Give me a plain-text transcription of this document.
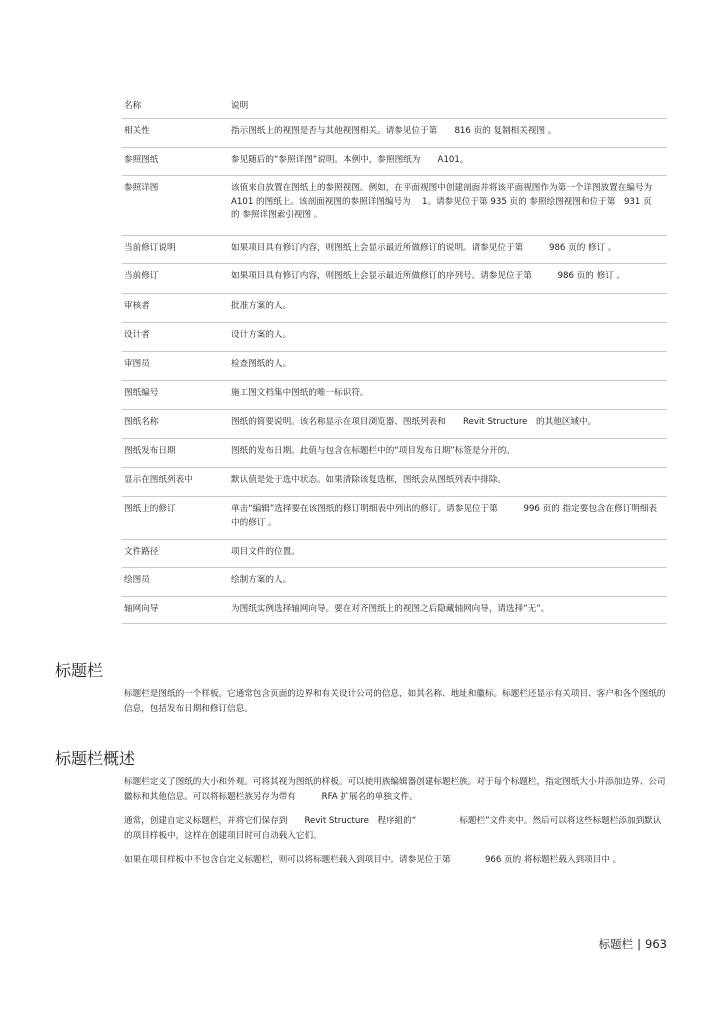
名称	说明
相关性	指示图纸上的视图是否与其他视图相关。请参见位于第　　816 页的 复制相关视图 。
参照图纸	参见随后的“参照详图”说明。本例中，参照图纸为　　A101。
参照详图	该值来自放置在图纸上的参照视图。例如，在平面视图中创建剖面并将该平面视图作为第一个详图放置在编号为　A101 的图纸上。该剖面视图的参照详图编号为　 1。请参见位于第 935 页的 参照绘图视图和位于第　931 页的 参照详图索引视图 。
当前修订说明	如果项目具有修订内容，则图纸上会显示最近所做修订的说明。请参见位于第　　　986 页的 修订 。
当前修订	如果项目具有修订内容，则图纸上会显示最近所做修订的序列号。请参见位于第　　　986 页的 修订 。
审核者	批准方案的人。
设计者	设计方案的人。
审图员	检查图纸的人。
图纸编号	施工图文档集中图纸的唯一标识符。
图纸名称	图纸的简要说明。该名称显示在项目浏览器、图纸列表和　　Revit Structure　的其他区域中。
图纸发布日期	图纸的发布日期。此值与包含在标题栏中的“项目发布日期”标签是分开的。
显示在图纸列表中	默认值是处于选中状态。如果清除该复选框，图纸会从图纸列表中排除。
图纸上的修订	单击“编辑”选择要在该图纸的修订明细表中列出的修订。请参见位于第　　　996 页的 指定要包含在修订明细表中的修订 。
文件路径	项目文件的位置。
绘图员	绘制方案的人。
轴网向导	为图纸实例选择轴网向导。要在对齐图纸上的视图之后隐藏轴网向导，请选择“无”。
标题栏

标题栏是图纸的一个样板。它通常包含页面的边界和有关设计公司的信息，如其名称、地址和徽标。标题栏还显示有关项目、客户和各个图纸的信息，包括发布日期和修订信息。

标题栏概述

标题栏定义了图纸的大小和外观。可将其视为图纸的样板。可以使用族编辑器创建标题栏族。对于每个标题栏，指定图纸大小并添加边界、公司徽标和其他信息。可以将标题栏族另存为带有　　　RFA 扩展名的单独文件。

通常，创建自定义标题栏，并将它们保存到　　Revit Structure　程序組的“　　　　　标题栏”文件夹中。然后可以将这些标题栏添加到默认的项目样板中，这样在创建项目时可自动载入它们。

如果在项目样板中不包含自定义标题栏，则可以将标题栏载入到项目中。请参见位于第　　　　966 页的 将标题栏载入到项目中 。

标题栏 | 963
